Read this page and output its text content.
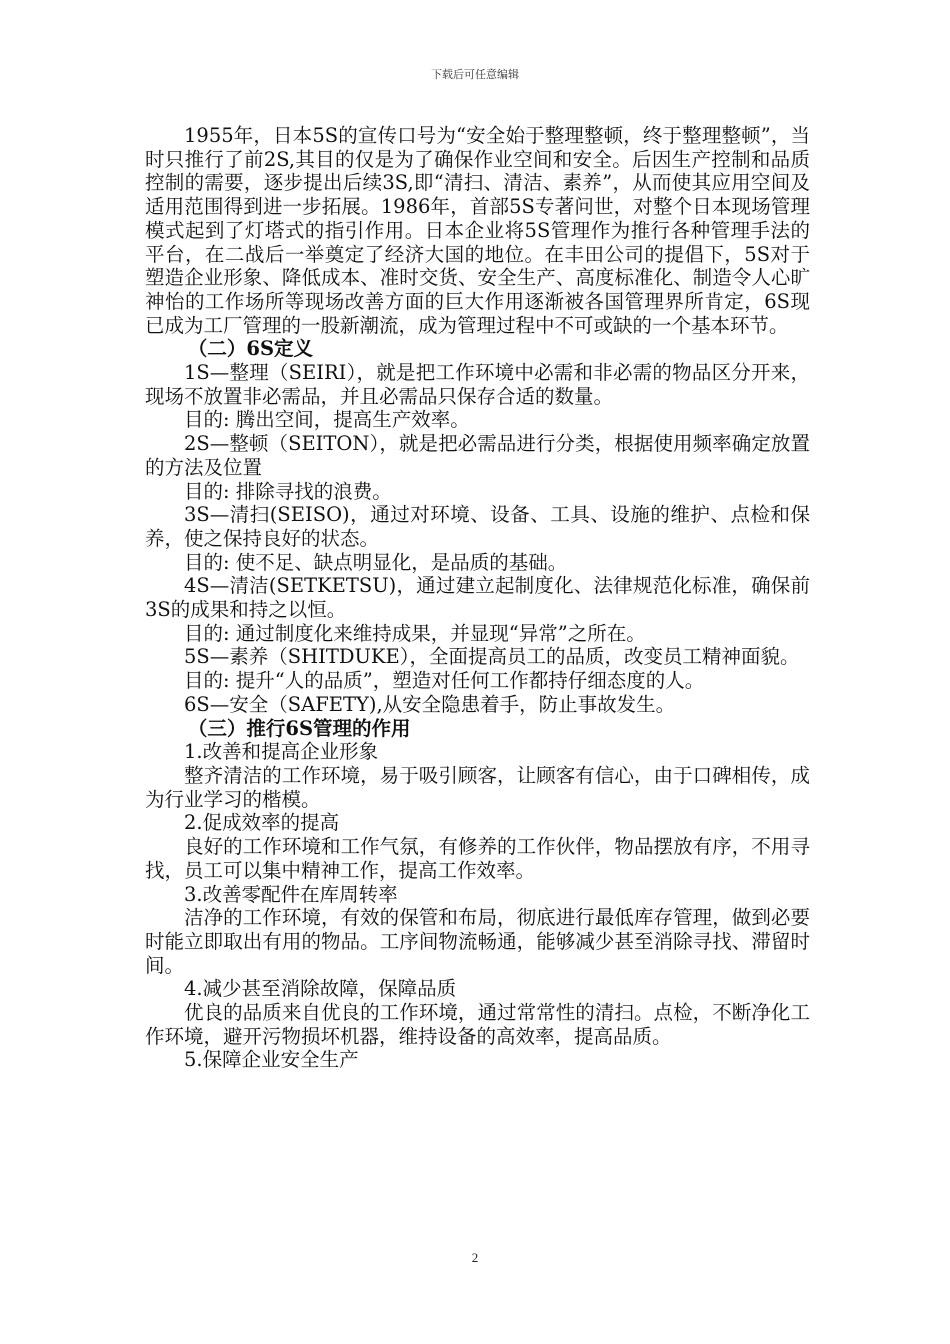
下载后可任意编辑

1955年，日本5S的宣传口号为“安全始于整理整顿，终于整理整顿”，当时只推行了前2S,其目的仅是为了确保作业空间和安全。后因生产控制和品质控制的需要，逐步提出后续3S,即“清扫、清洁、素养”，从而使其应用空间及适用范围得到进一步拓展。1986年，首部5S专著问世，对整个日本现场管理模式起到了灯塔式的指引作用。日本企业将5S管理作为推行各种管理手法的平台，在二战后一举奠定了经济大国的地位。在丰田公司的提倡下，5S对于塑造企业形象、降低成本、准时交货、安全生产、高度标准化、制造令人心旷神怡的工作场所等现场改善方面的巨大作用逐渐被各国管理界所肯定，6S现已成为工厂管理的一股新潮流，成为管理过程中不可或缺的一个基本环节。

（二）6S定义

1S—整理（SEIRI），就是把工作环境中必需和非必需的物品区分开来，现场不放置非必需品，并且必需品只保存合适的数量。

目的: 腾出空间，提高生产效率。

2S—整顿（SEITON），就是把必需品进行分类，根据使用频率确定放置的方法及位置

目的: 排除寻找的浪费。

3S—清扫(SEISO)，通过对环境、设备、工具、设施的维护、点检和保养，使之保持良好的状态。

目的: 使不足、缺点明显化，是品质的基础。

4S—清洁(SETKETSU)，通过建立起制度化、法律规范化标准，确保前3S的成果和持之以恒。

目的: 通过制度化来维持成果，并显现“异常”之所在。

5S—素养（SHITDUKE），全面提高员工的品质，改变员工精神面貌。

目的: 提升“人的品质”，塑造对任何工作都持仔细态度的人。

6S—安全（SAFETY),从安全隐患着手，防止事故发生。

（三）推行6S管理的作用

1.改善和提高企业形象

整齐清洁的工作环境，易于吸引顾客，让顾客有信心，由于口碑相传，成为行业学习的楷模。

2.促成效率的提高

良好的工作环境和工作气氛，有修养的工作伙伴，物品摆放有序，不用寻找，员工可以集中精神工作，提高工作效率。

3.改善零配件在库周转率

洁净的工作环境，有效的保管和布局，彻底进行最低库存管理，做到必要时能立即取出有用的物品。工序间物流畅通，能够减少甚至消除寻找、滞留时间。

4.减少甚至消除故障，保障品质

优良的品质来自优良的工作环境，通过常常性的清扫。点检，不断净化工作环境，避开污物损坏机器，维持设备的高效率，提高品质。

5.保障企业安全生产

2
